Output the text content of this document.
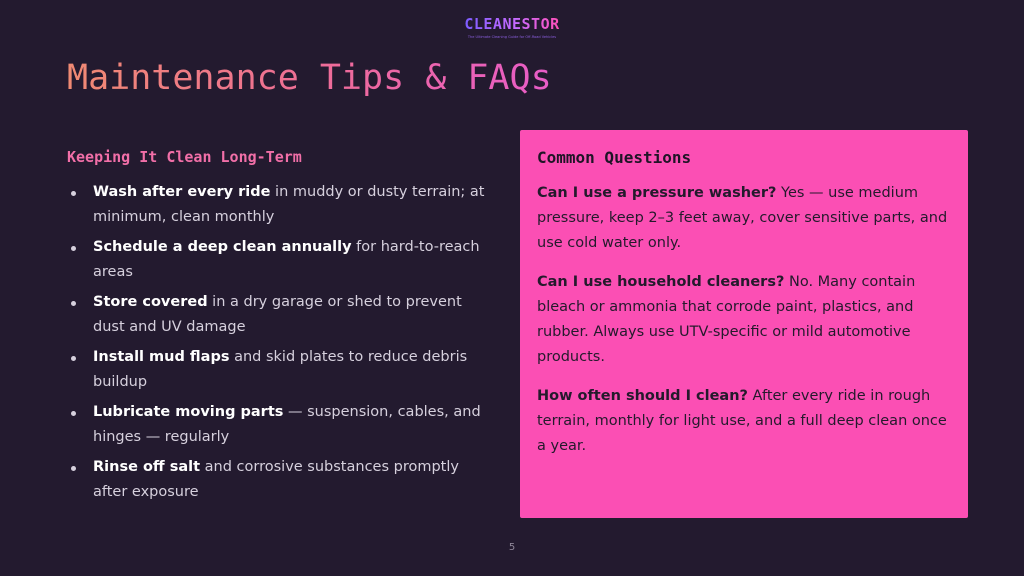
CLEANESTOR
The Ultimate Cleaning Guide for Off-Road Vehicles
Maintenance Tips & FAQs
Keeping It Clean Long-Term
Wash after every ride in muddy or dusty terrain; at minimum, clean monthly
Schedule a deep clean annually for hard-to-reach areas
Store covered in a dry garage or shed to prevent dust and UV damage
Install mud flaps and skid plates to reduce debris buildup
Lubricate moving parts — suspension, cables, and hinges — regularly
Rinse off salt and corrosive substances promptly after exposure
Common Questions

Can I use a pressure washer? Yes — use medium pressure, keep 2–3 feet away, cover sensitive parts, and use cold water only.

Can I use household cleaners? No. Many contain bleach or ammonia that corrode paint, plastics, and rubber. Always use UTV-specific or mild automotive products.

How often should I clean? After every ride in rough terrain, monthly for light use, and a full deep clean once a year.

5
